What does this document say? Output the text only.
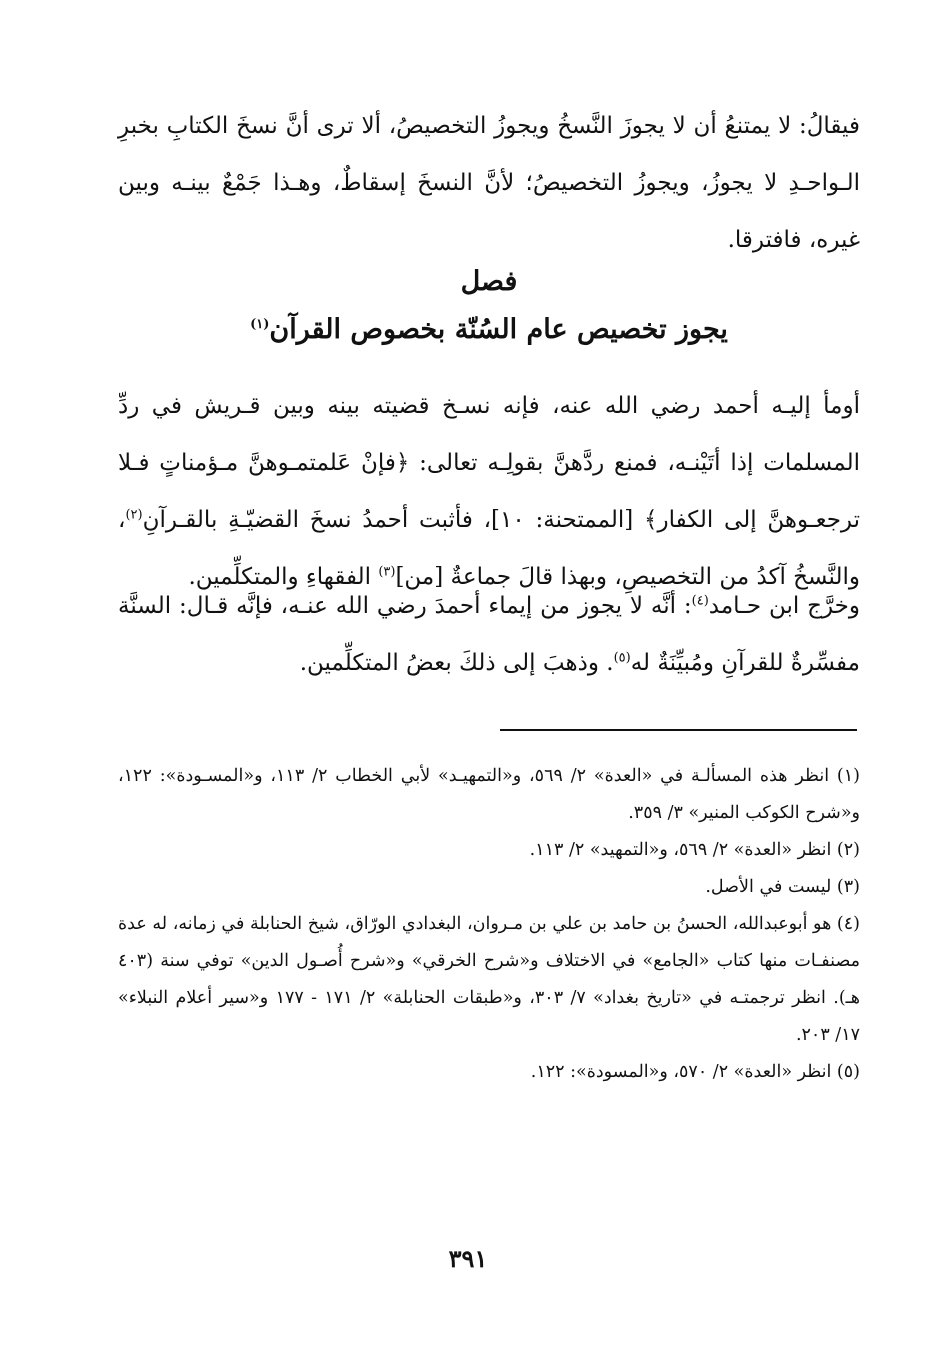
فيقالُ: لا يمتنعُ أن لا يجوزَ النَّسخُ ويجوزُ التخصيصُ، ألا ترى أنَّ نسخَ الكتابِ بخبرِ الـواحـدِ لا يجوزُ، ويجوزُ التخصيصُ؛ لأنَّ النسخَ إسقاطٌ، وهـذا جَمْعٌ بينـه وبين غيره، فافترقا.

فصل
يجوز تخصيص عام السُنّة بخصوص القرآن$^{(١)}$

أومأ إليـه أحمد رضي الله عنه، فإنه نسـخ قضيته بينه وبين قـريش في ردِّ المسلمات إذا أتَيْنـه، فمنع ردَّهنَّ بقولِـه تعالى: ﴿فإنْ عَلمتمـوهنَّ مـؤمناتٍ فـلا ترجعـوهنَّ إلى الكفار﴾ [الممتحنة: ١٠]، فأثبت أحمدُ نسخَ القضيّـةِ بالقـرآنِ$^{(٢)}$، والنَّسخُ آكدُ من التخصيصِ، وبهذا قالَ جماعةٌ [من]$^{(٣)}$ الفقهاءِ والمتكلِّمين.

وخرَّج ابن حـامد$^{(٤)}$: أنَّه لا يجوز من إيماء أحمدَ رضي الله عنـه، فإنَّه قـال: السنَّة مفسِّرةٌ للقرآنِ ومُبيِّنَةٌ له$^{(٥)}$. وذهبَ إلى ذلكَ بعضُ المتكلِّمين.

(١) انظر هذه المسألـة في «العدة» ٢/ ٥٦٩، و«التمهيـد» لأبي الخطاب ٢/ ١١٣، و«المسـودة»: ١٢٢، و«شرح الكوكب المنير» ٣/ ٣٥٩.

(٢) انظر «العدة» ٢/ ٥٦٩، و«التمهيد» ٢/ ١١٣.

(٣) ليست في الأصل.

(٤) هو أبوعبدالله، الحسنُ بن حامد بن علي بن مـروان، البغدادي الورّاق، شيخ الحنابلة في زمانه، له عدة مصنفـات منها كتاب «الجامع» في الاختلاف و«شرح الخرقي» و«شرح أُصـول الدين» توفي سنة (٤٠٣ هـ). انظر ترجمتـه في «تاريخ بغداد» ٧/ ٣٠٣، و«طبقات الحنابلة» ٢/ ١٧١ - ١٧٧ و«سير أعلام النبلاء» ١٧/ ٢٠٣.

(٥) انظر «العدة» ٢/ ٥٧٠، و«المسودة»: ١٢٢.

٣٩١
